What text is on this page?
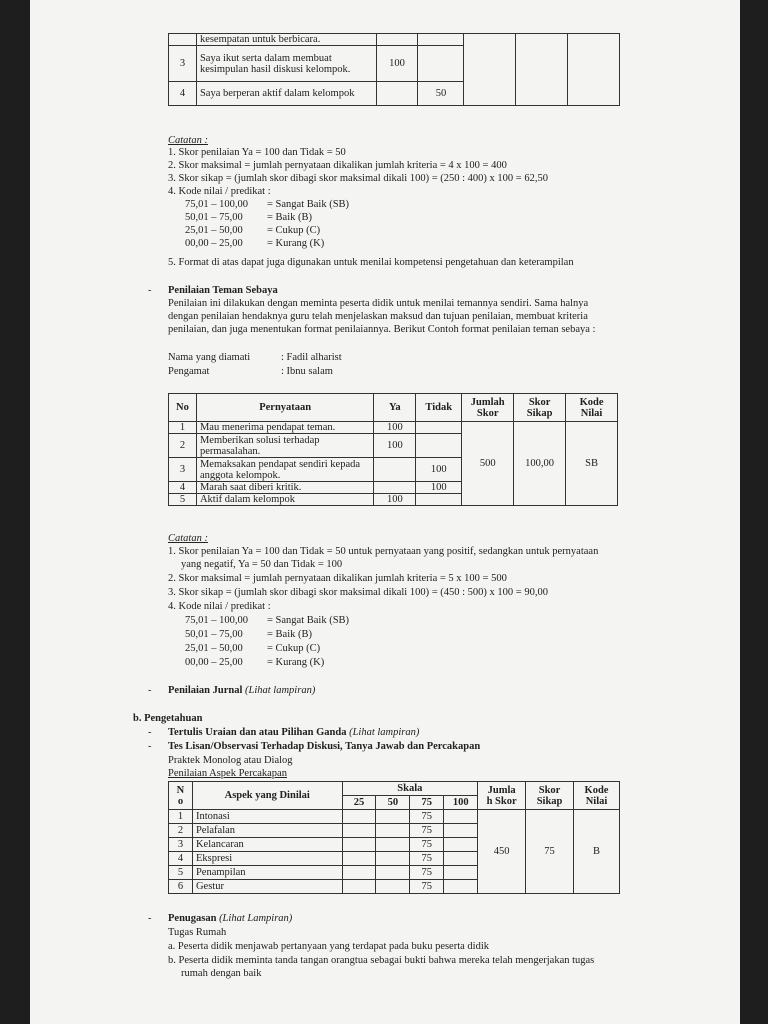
	kesempatan untuk berbicara.					
3	Saya ikut serta dalam membuat kesimpulan hasil diskusi kelompok.	100				
4	Saya berperan aktif dalam kelompok		50			
Catatan :
1. Skor penilaian Ya = 100 dan Tidak = 50
2. Skor maksimal = jumlah pernyataan dikalikan jumlah kriteria = 4 x 100 = 400
3. Skor sikap = (jumlah skor dibagi skor maksimal dikali 100) = (250 : 400) x 100 = 62,50
4. Kode nilai / predikat :
75,01 – 100,00 = Sangat Baik (SB)
50,01 – 75,00 = Baik (B)
25,01 – 50,00 = Cukup (C)
00,00 – 25,00 = Kurang (K)
5. Format di atas dapat juga digunakan untuk menilai kompetensi pengetahuan dan keterampilan
- Penilaian Teman Sebaya
Penilaian ini dilakukan dengan meminta peserta didik untuk menilai temannya sendiri. Sama halnya
dengan penilaian hendaknya guru telah menjelaskan maksud dan tujuan penilaian, membuat kriteria
penilaian, dan juga menentukan format penilaiannya. Berikut Contoh format penilaian teman sebaya :
Nama yang diamati	: Fadil alharist
Pengamat	: Ibnu salam
No	Pernyataan	Ya	Tidak	Jumlah
Skor	Skor
Sikap	Kode
Nilai
1	Mau menerima pendapat teman.	100		500	100,00	SB
2	Memberikan solusi terhadap permasalahan.	100				
3	Memaksakan pendapat sendiri kepada anggota kelompok.		100			
4	Marah saat diberi kritik.		100			
5	Aktif dalam kelompok	100				
Catatan :
1. Skor penilaian Ya = 100 dan Tidak = 50 untuk pernyataan yang positif, sedangkan untuk pernyataan
yang negatif, Ya = 50 dan Tidak = 100
2. Skor maksimal = jumlah pernyataan dikalikan jumlah kriteria = 5 x 100 = 500
3. Skor sikap = (jumlah skor dibagi skor maksimal dikali 100) = (450 : 500) x 100 = 90,00
4. Kode nilai / predikat :
75,01 – 100,00 = Sangat Baik (SB)
50,01 – 75,00 = Baik (B)
25,01 – 50,00 = Cukup (C)
00,00 – 25,00 = Kurang (K)
- Penilaian Jurnal (Lihat lampiran)
b. Pengetahuan
- Tertulis Uraian dan atau Pilihan Ganda (Lihat lampiran)
- Tes Lisan/Observasi Terhadap Diskusi, Tanya Jawab dan Percakapan
Praktek Monolog atau Dialog
Penilaian Aspek Percakapan
N
o	Aspek yang Dinilai	Skala				Jumla
h Skor	Skor
Sikap	Kode
Nilai
		25	50	75	100			
1	Intonasi			75		450	75	B
2	Pelafalan			75				
3	Kelancaran			75				
4	Ekspresi			75				
5	Penampilan			75				
6	Gestur			75				
- Penugasan (Lihat Lampiran)
Tugas Rumah
a. Peserta didik menjawab pertanyaan yang terdapat pada buku peserta didik
b. Peserta didik meminta tanda tangan orangtua sebagai bukti bahwa mereka telah mengerjakan tugas
rumah dengan baik
